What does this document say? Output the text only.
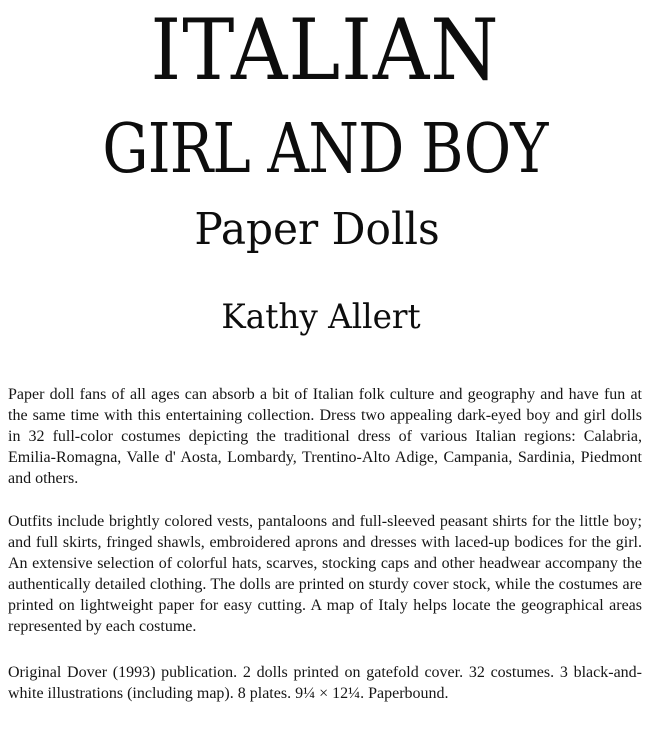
ITALIAN
GIRL AND BOY
Paper Dolls
Kathy Allert

Paper doll fans of all ages can absorb a bit of Italian folk culture and geography and have fun at the same time with this entertaining collection. Dress two appealing dark-eyed boy and girl dolls in 32 full-color costumes depicting the traditional dress of various Italian regions: Calabria, Emilia-Romagna, Valle d' Aosta, Lombardy, Trentino-Alto Adige, Campania, Sardinia, Piedmont and others.

Outfits include brightly colored vests, pantaloons and full-sleeved peasant shirts for the little boy; and full skirts, fringed shawls, embroidered aprons and dresses with laced-up bodices for the girl. An extensive selection of colorful hats, scarves, stocking caps and other headwear accompany the authentically detailed clothing. The dolls are printed on sturdy cover stock, while the costumes are printed on lightweight paper for easy cutting. A map of Italy helps locate the geographical areas represented by each costume.

Original Dover (1993) publication. 2 dolls printed on gatefold cover. 32 costumes. 3 black-and-white illustrations (including map). 8 plates. 9¼ × 12¼. Paperbound.
